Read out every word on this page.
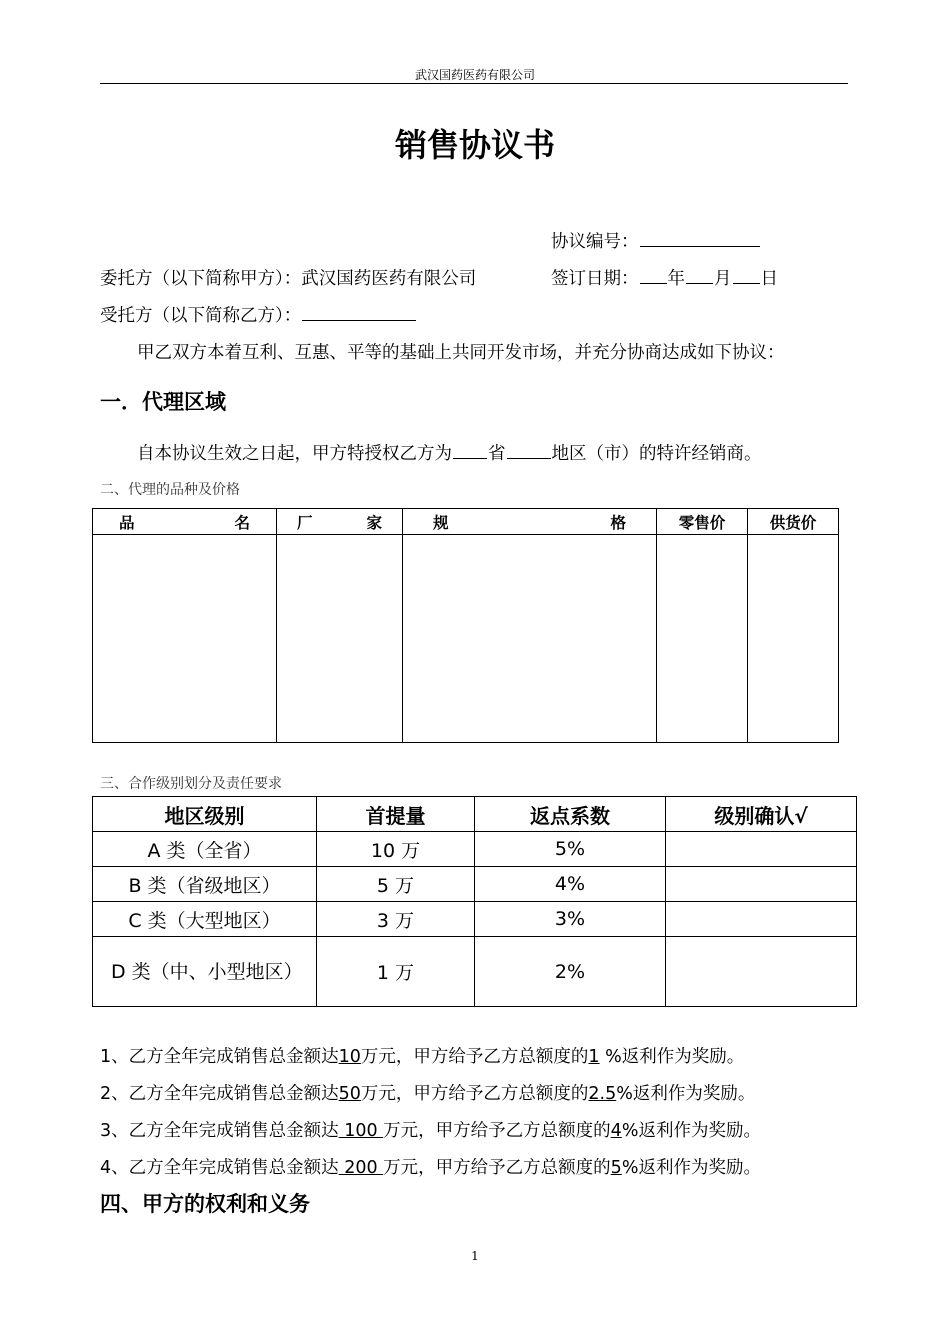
武汉国药医药有限公司
销售协议书
协议编号：
委托方（以下简称甲方）：武汉国药医药有限公司	签订日期： 年 月 日
受托方（以下简称乙方）：
甲乙双方本着互利、互惠、平等的基础上共同开发市场，并充分协商达成如下协议：
一．代理区域
自本协议生效之日起，甲方特授权乙方为 省	地区（市）的特许经销商。
二、代理的品种及价格
品 名	厂 家	规 格	零售价	供货价

三、合作级别划分及责任要求
地区级别	首提量	返点系数	级别确认√
A 类（全省）	10 万	5%	
B 类（省级地区）	5 万	4%	
C 类（大型地区）	3 万	3%	
D 类（中、小型地区）	1 万	2%	
1、乙方全年完成销售总金额达10万元，甲方给予乙方总额度的1 %返利作为奖励。
2、乙方全年完成销售总金额达50万元，甲方给予乙方总额度的2.5%返利作为奖励。
3、乙方全年完成销售总金额达 100 万元，甲方给予乙方总额度的4%返利作为奖励。
4、乙方全年完成销售总金额达 200 万元，甲方给予乙方总额度的5%返利作为奖励。
四、甲方的权利和义务
1
